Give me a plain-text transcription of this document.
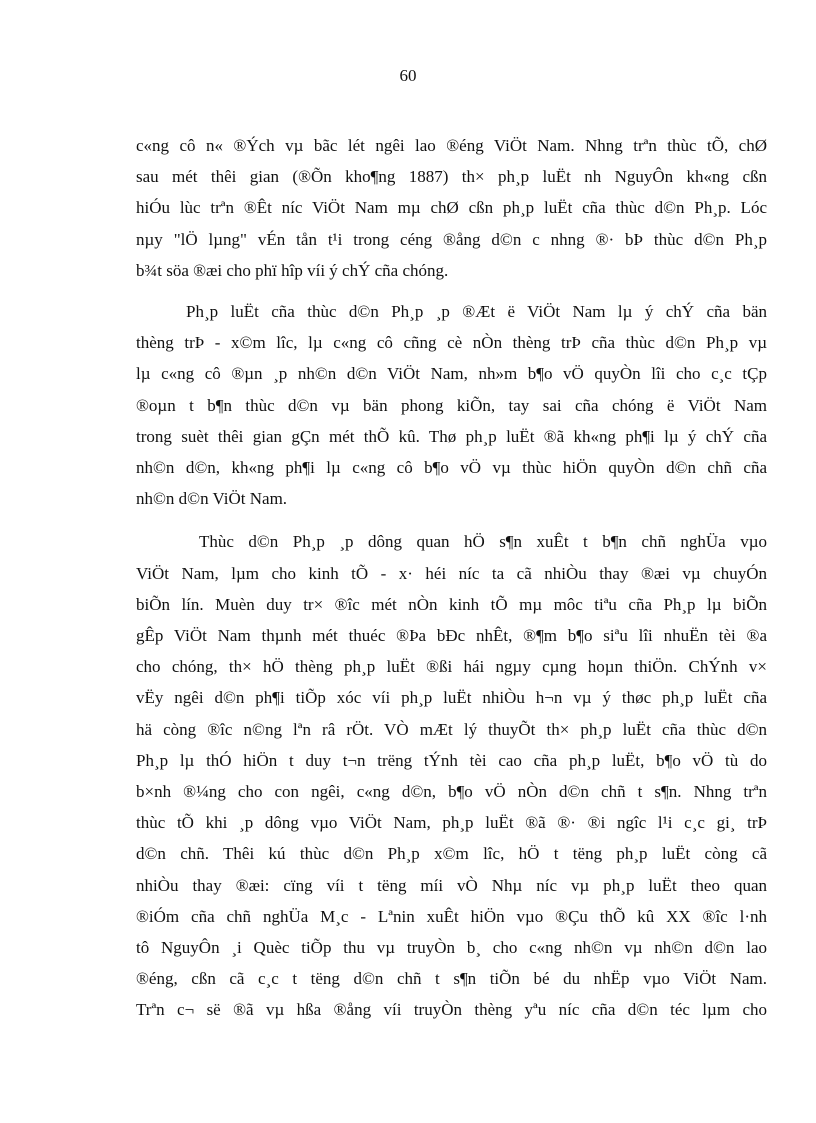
60
c«ng cô n« ®Ých vµ bãc lét ngêi lao ®éng ViÖt Nam. Nhng trªn thùc tÕ, chØ
sau mét thêi gian (®Õn kho¶ng 1887) th× ph¸p luËt nh NguyÔn kh«ng cßn
hiÓu lùc trªn ®Êt níc ViÖt Nam mµ chØ cßn ph¸p luËt cña thùc d©n Ph¸p. Lóc
nµy "lÖ lµng" vÉn tån t¹i trong céng ®ång d©n c nhng ®· bÞ thùc d©n Ph¸p
b¾t söa ®æi cho phï hîp víi ý chÝ cña chóng.
Ph¸p luËt cña thùc d©n Ph¸p ¸p ®Æt ë ViÖt Nam lµ ý chÝ cña bän
thèng trÞ - x©m lîc, lµ c«ng cô cñng cè nÒn thèng trÞ cña thùc d©n Ph¸p vµ
lµ c«ng cô ®µn ¸p nh©n d©n ViÖt Nam, nh»m b¶o vÖ quyÒn lîi cho c¸c tÇp
®oµn t b¶n thùc d©n vµ bän phong kiÕn, tay sai cña chóng ë ViÖt Nam
trong suèt thêi gian gÇn mét thÕ kû. Thø ph¸p luËt ®ã kh«ng ph¶i lµ ý chÝ cña
nh©n d©n, kh«ng ph¶i lµ c«ng cô b¶o vÖ vµ thùc hiÖn quyÒn d©n chñ cña
nh©n d©n ViÖt Nam.
Thùc d©n Ph¸p ¸p dông quan hÖ s¶n xuÊt t b¶n chñ nghÜa vµo
ViÖt Nam, lµm cho kinh tÕ - x· héi níc ta cã nhiÒu thay ®æi vµ chuyÓn
biÕn lín. Muèn duy tr× ®îc mét nÒn kinh tÕ mµ môc tiªu cña Ph¸p lµ biÕn
gÊp ViÖt Nam thµnh mét thuéc ®Þa bÐc nhÊt, ®¶m b¶o siªu lîi nhuËn tèi ®a
cho chóng, th× hÖ thèng ph¸p luËt ®ßi hái ngµy cµng hoµn thiÖn. ChÝnh v×
vËy ngêi d©n ph¶i tiÕp xóc víi ph¸p luËt nhiÒu h¬n vµ ý thøc ph¸p luËt cña
hä còng ®îc n©ng lªn râ rÖt. VÒ mÆt lý thuyÕt th× ph¸p luËt cña thùc d©n
Ph¸p lµ thÓ hiÖn t duy t¬n trëng tÝnh tèi cao cña ph¸p luËt, b¶o vÖ tù do
b×nh ®¼ng cho con ngêi, c«ng d©n, b¶o vÖ nÒn d©n chñ t s¶n. Nhng trªn
thùc tÕ khi ¸p dông vµo ViÖt Nam, ph¸p luËt ®ã ®· ®i ngîc l¹i c¸c gi¸ trÞ
d©n chñ. Thêi kú thùc d©n Ph¸p x©m lîc, hÖ t tëng ph¸p luËt còng cã
nhiÒu thay ®æi: cïng víi t tëng míi vÒ Nhµ níc vµ ph¸p luËt theo quan
®iÓm cña chñ nghÜa M¸c - Lªnin xuÊt hiÖn vµo ®Çu thÕ kû XX ®îc l·nh
tô NguyÔn ¸i Quèc tiÕp thu vµ truyÒn b¸ cho c«ng nh©n vµ nh©n d©n lao
®éng, cßn cã c¸c t tëng d©n chñ t s¶n tiÕn bé du nhËp vµo ViÖt Nam.
Trªn c¬ së ®ã vµ hßa ®ång víi truyÒn thèng yªu níc cña d©n téc lµm cho
